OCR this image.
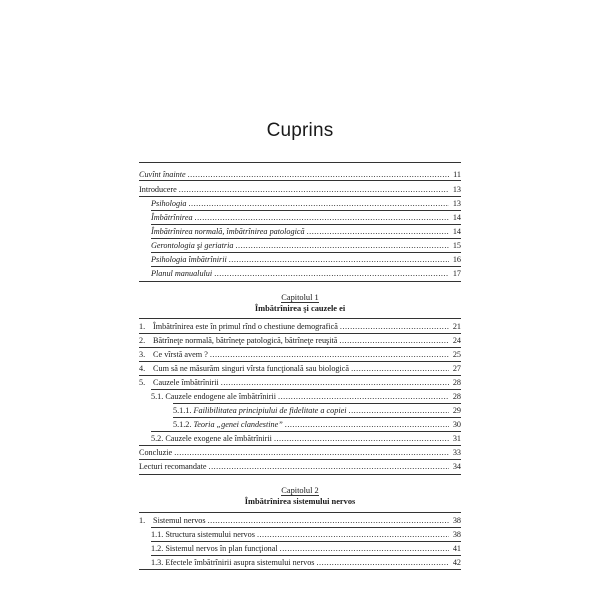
Cuprins
Cuvînt înainte .....	11
Introducere .....	13
Psihologia .....	13
Îmbătrînirea .....	14
Îmbătrînirea normală, îmbătrînirea patologică .....	14
Gerontologia şi geriatria .....	15
Psihologia îmbătrînirii .....	16
Planul manualului .....	17
Capitolul 1
Îmbătrînirea şi cauzele ei
1. Îmbătrînirea este în primul rînd o chestiune demografică .....	21
2. Bătrîneţe normală, bătrîneţe patologică, bătrîneţe reuşită .....	24
3. Ce vîrstă avem ? .....	25
4. Cum să ne măsurăm singuri vîrsta funcţională sau biologică .....	27
5. Cauzele îmbătrînirii .....	28
5.1. Cauzele endogene ale îmbătrînirii .....	28
5.1.1. Failibilitatea principiului de fidelitate a copiei .....	29
5.1.2. Teoria „genei clandestine” .....	30
5.2. Cauzele exogene ale îmbătrînirii .....	31
Concluzie .....	33
Lecturi recomandate .....	34
Capitolul 2
Îmbătrînirea sistemului nervos
1. Sistemul nervos .....	38
1.1. Structura sistemului nervos .....	38
1.2. Sistemul nervos în plan funcţional .....	41
1.3. Efectele îmbătrînirii asupra sistemului nervos .....	42
